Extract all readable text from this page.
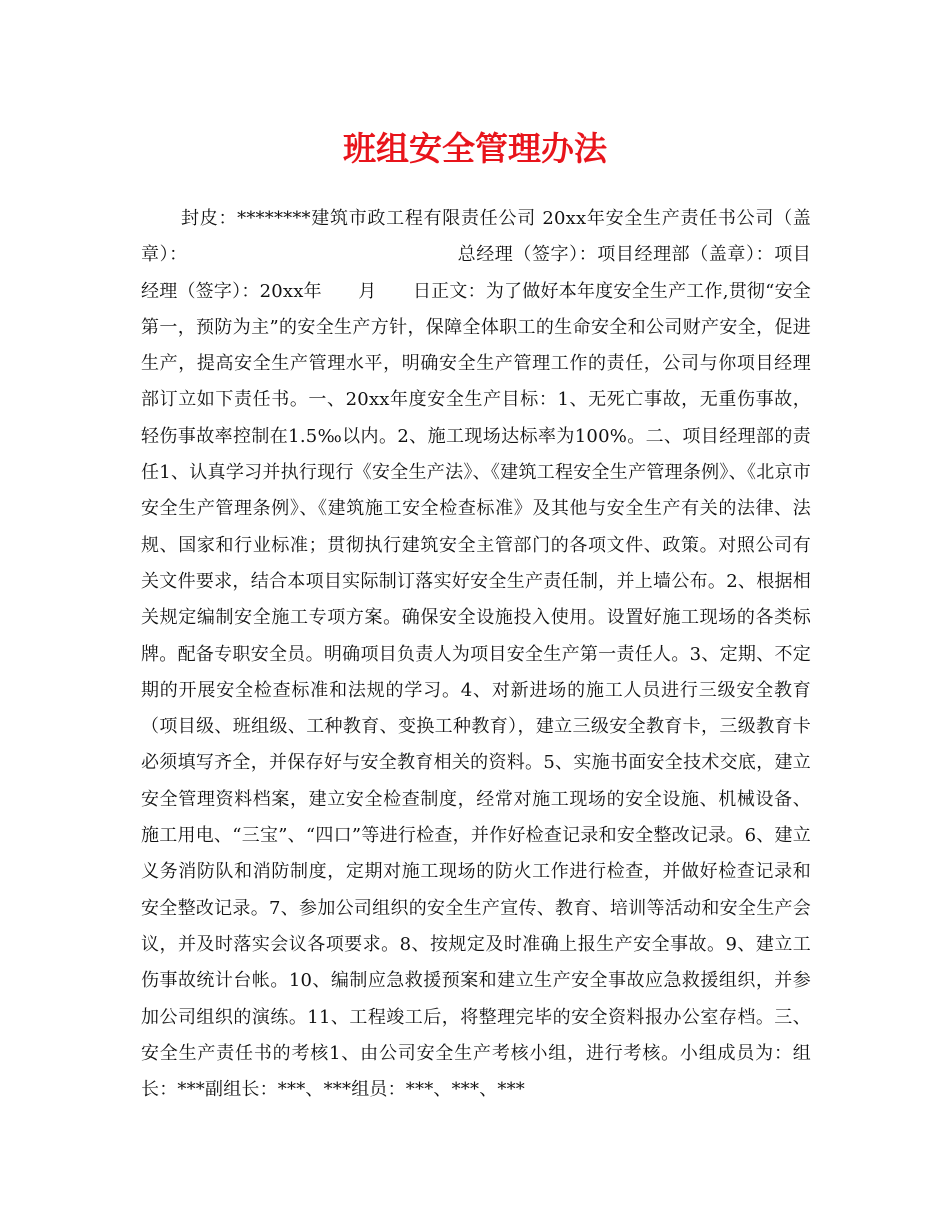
班组安全管理办法

封皮：********建筑市政工程有限责任公司 20xx年安全生产责任书公司（盖章）：　　　　　　　　　　　　　　　总经理（签字）：项目经理部（盖章）：项目经理（签字）：20xx年　　月　　日正文：为了做好本年度安全生产工作,贯彻“安全第一，预防为主”的安全生产方针，保障全体职工的生命安全和公司财产安全，促进生产，提高安全生产管理水平，明确安全生产管理工作的责任，公司与你项目经理部订立如下责任书。一、20xx年度安全生产目标：1、无死亡事故，无重伤事故，轻伤事故率控制在1.5‰以内。2、施工现场达标率为100%。二、项目经理部的责任1、认真学习并执行现行《安全生产法》、《建筑工程安全生产管理条例》、《北京市安全生产管理条例》、《建筑施工安全检查标准》及其他与安全生产有关的法律、法规、国家和行业标准；贯彻执行建筑安全主管部门的各项文件、政策。对照公司有关文件要求，结合本项目实际制订落实好安全生产责任制，并上墙公布。2、根据相关规定编制安全施工专项方案。确保安全设施投入使用。设置好施工现场的各类标牌。配备专职安全员。明确项目负责人为项目安全生产第一责任人。3、定期、不定期的开展安全检查标准和法规的学习。4、对新进场的施工人员进行三级安全教育（项目级、班组级、工种教育、变换工种教育），建立三级安全教育卡，三级教育卡必须填写齐全，并保存好与安全教育相关的资料。5、实施书面安全技术交底，建立安全管理资料档案，建立安全检查制度，经常对施工现场的安全设施、机械设备、施工用电、“三宝”、“四口”等进行检查，并作好检查记录和安全整改记录。6、建立义务消防队和消防制度，定期对施工现场的防火工作进行检查，并做好检查记录和安全整改记录。7、参加公司组织的安全生产宣传、教育、培训等活动和安全生产会议，并及时落实会议各项要求。8、按规定及时准确上报生产安全事故。9、建立工伤事故统计台帐。10、编制应急救援预案和建立生产安全事故应急救援组织，并参加公司组织的演练。11、工程竣工后，将整理完毕的安全资料报办公室存档。三、安全生产责任书的考核1、由公司安全生产考核小组，进行考核。小组成员为：组长：***副组长：***、***组员：***、***、***
